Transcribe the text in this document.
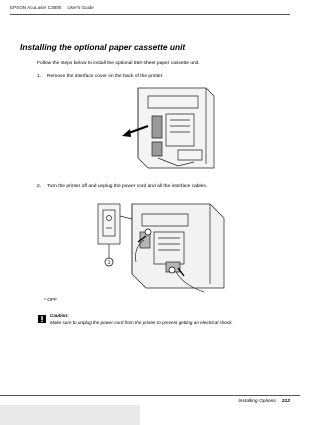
EPSON AcuLaser C3800 User's Guide
Installing the optional paper cassette unit
Follow the steps below to install the optional 550-sheet paper cassette unit.
1. Remove the interface cover on the back of the printer.
2. Turn the printer off and unplug the power cord and all the interface cables.
1
* OFF
Caution:
Make sure to unplug the power cord from the printer to prevent getting an electrical shock.
Installing Options 212
